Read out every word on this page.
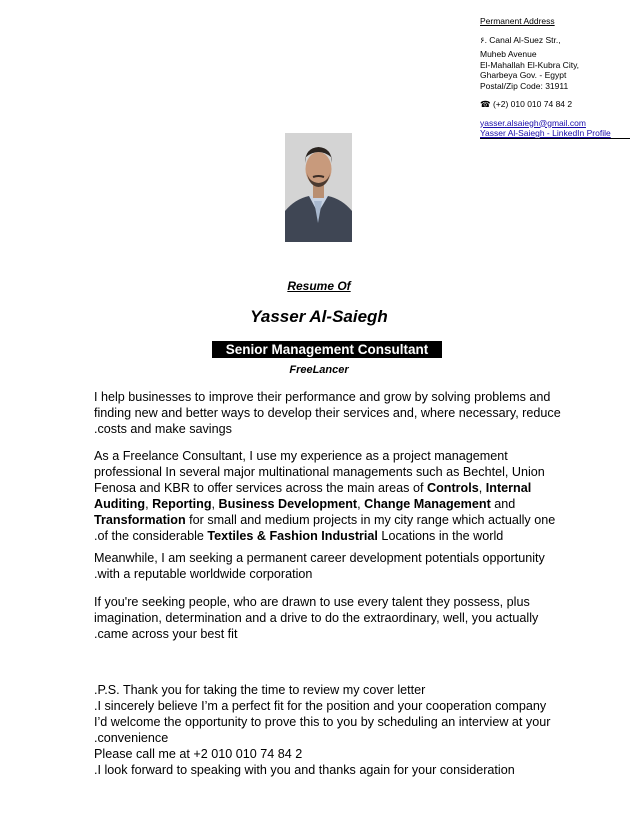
Permanent Address
۶. Canal Al-Suez Str.,
Muheb Avenue
El-Mahallah El-Kubra City,
Gharbeya Gov. - Egypt
Postal/Zip Code: 31911
☎ (+2) 010 010 74 84 2
yasser.alsaiegh@gmail.com
Yasser Al-Saiegh - LinkedIn Profile
Resume Of
Yasser Al-Saiegh
Senior Management Consultant
FreeLancer

I help businesses to improve their performance and grow by solving problems and

finding new and better ways to develop their services and, where necessary, reduce

.costs and make savings

As a Freelance Consultant, I use my experience as a project management

professional In several major multinational managements such as Bechtel, Union

Fenosa and KBR to offer services across the main areas of Controls, Internal

Auditing, Reporting, Business Development, Change Management and

Transformation for small and medium projects in my city range which actually one

.of the considerable Textiles & Fashion Industrial Locations in the world

Meanwhile, I am seeking a permanent career development potentials opportunity

.with a reputable worldwide corporation

If you're seeking people, who are drawn to use every talent they possess, plus

imagination, determination and a drive to do the extraordinary, well, you actually

.came across your best fit

.P.S. Thank you for taking the time to review my cover letter

.I sincerely believe I’m a perfect fit for the position and your cooperation company

I’d welcome the opportunity to prove this to you by scheduling an interview at your

.convenience

Please call me at +2 010 010 74 84 2

.I look forward to speaking with you and thanks again for your consideration
